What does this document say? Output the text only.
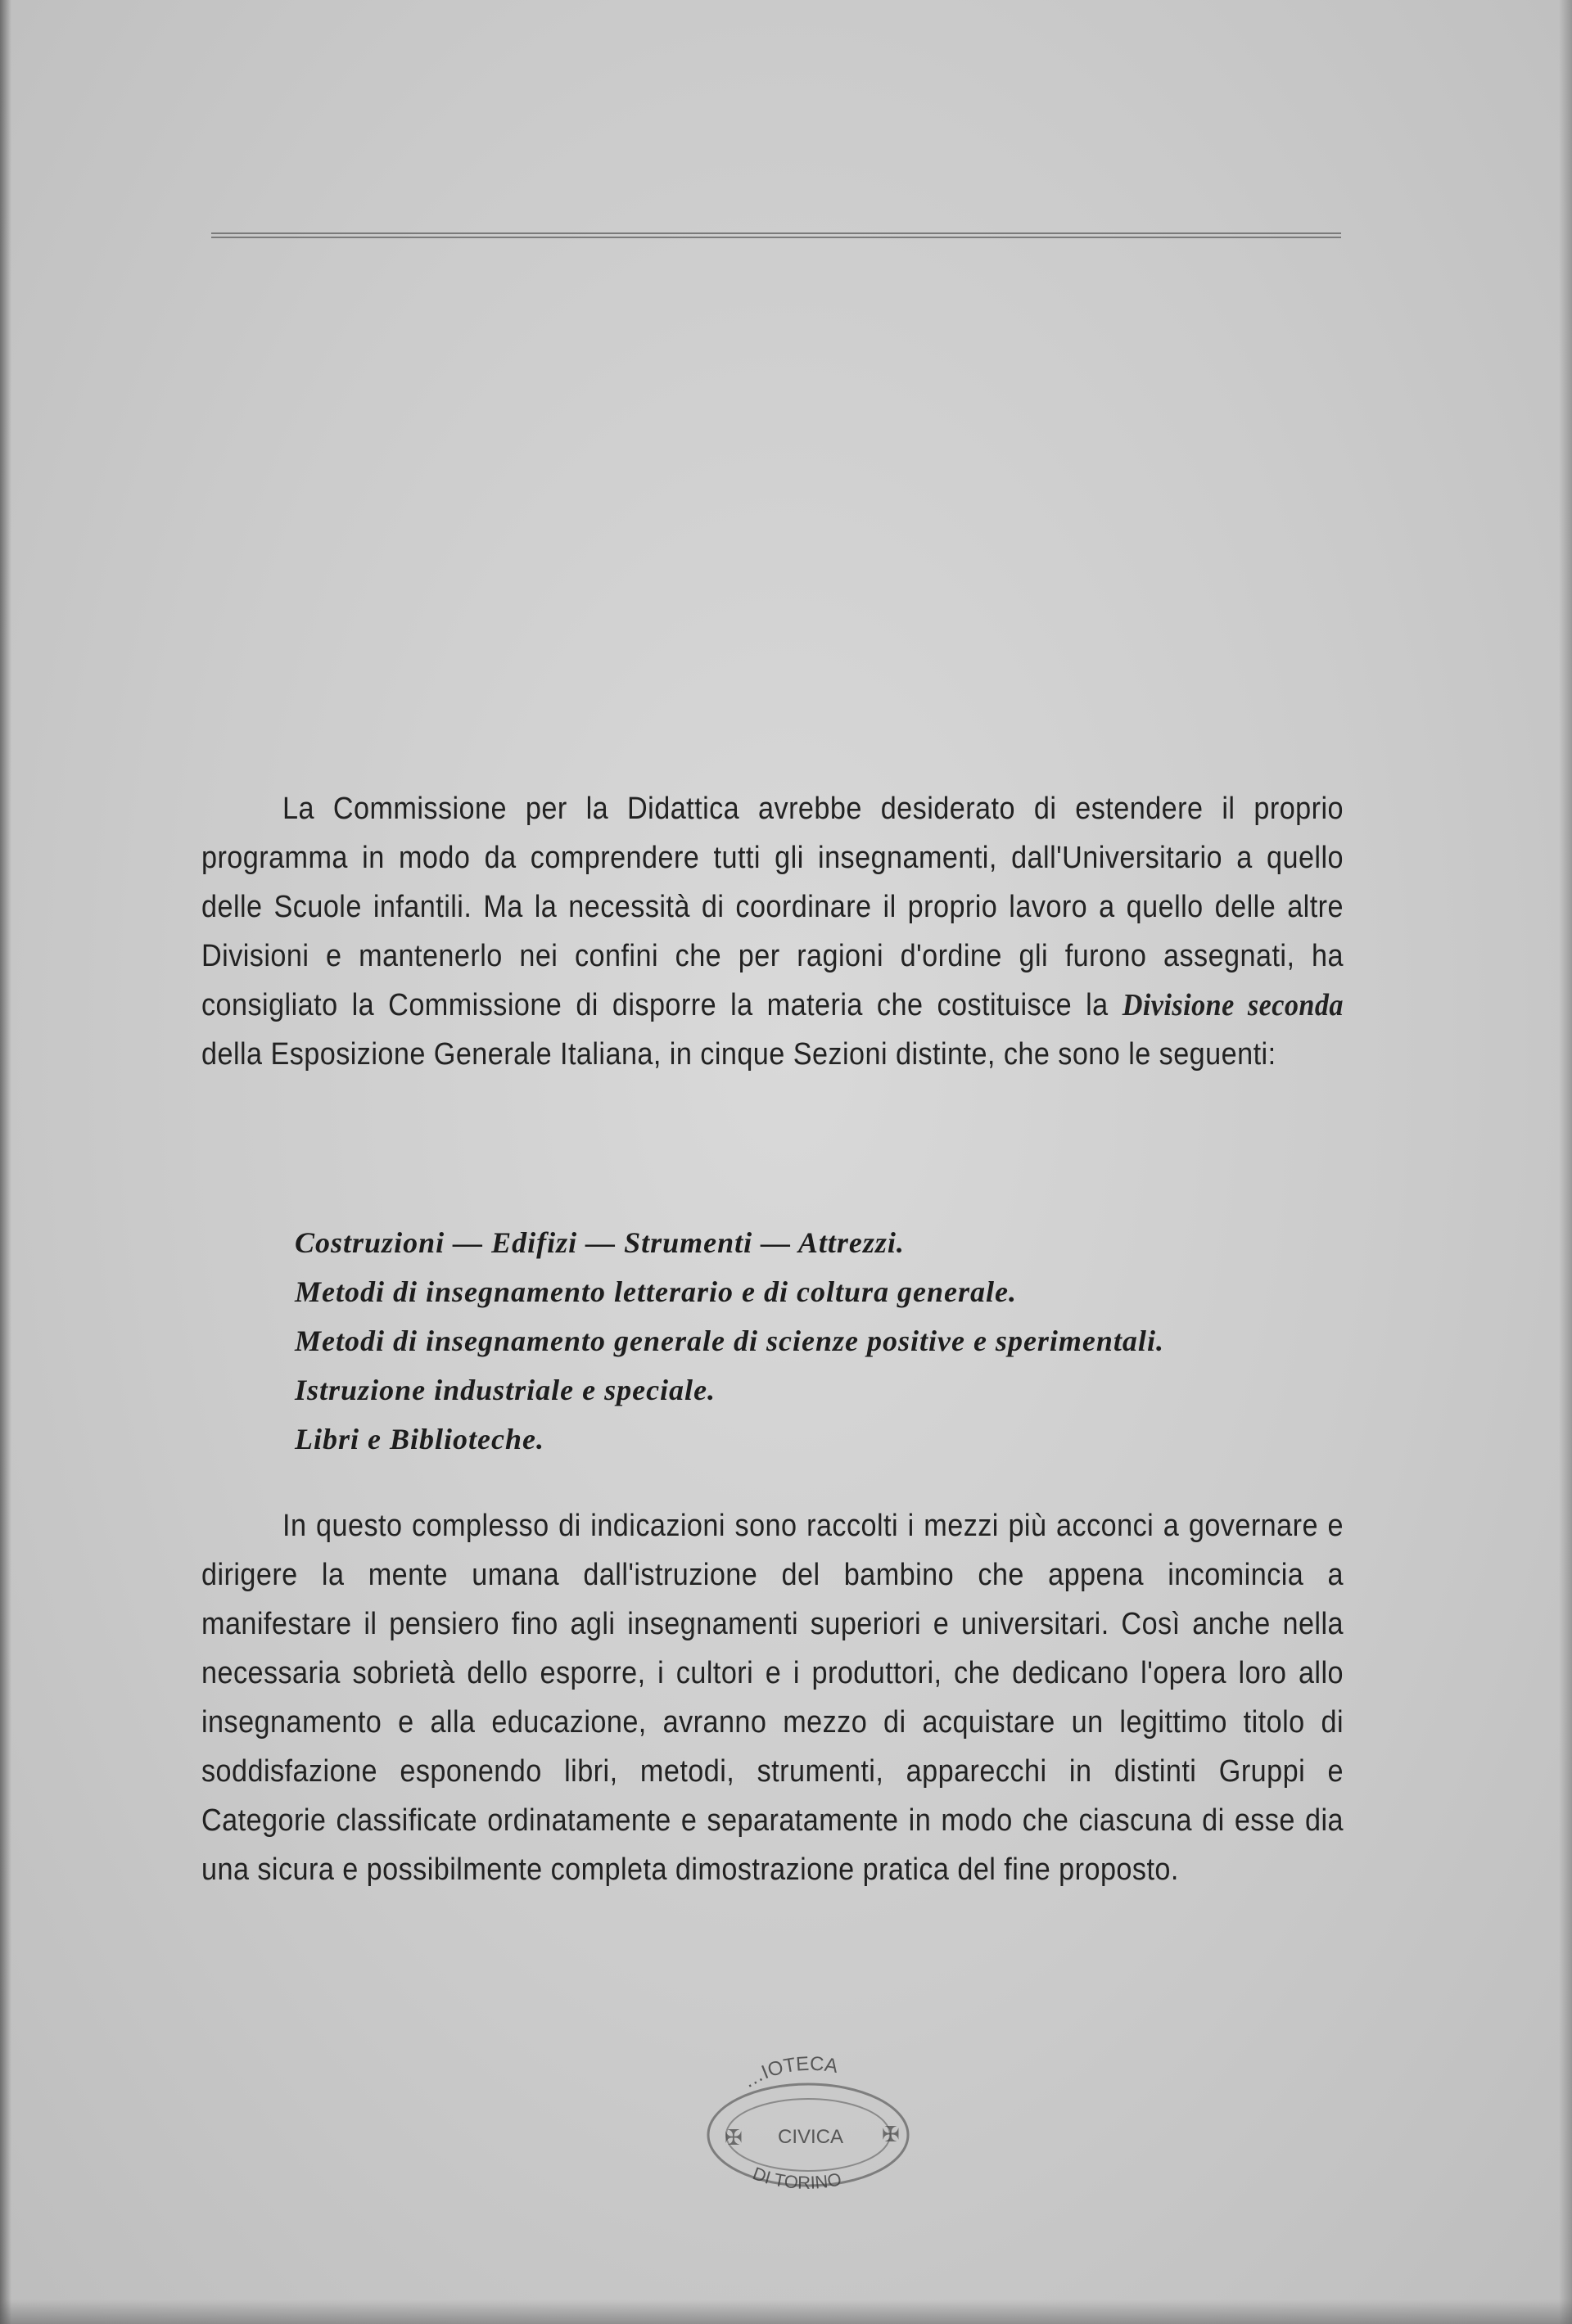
La Commissione per la Didattica avrebbe desiderato di estendere il proprio programma in modo da comprendere tutti gli insegnamenti, dall'Universitario a quello delle Scuole infantili. Ma la necessità di coordinare il proprio lavoro a quello delle altre Divisioni e mantenerlo nei confini che per ragioni d'ordine gli furono assegnati, ha consigliato la Commissione di disporre la materia che costituisce la Divisione seconda della Esposizione Generale Italiana, in cinque Sezioni distinte, che sono le seguenti:

Costruzioni — Edifizi — Strumenti — Attrezzi.
Metodi di insegnamento letterario e di coltura generale.
Metodi di insegnamento generale di scienze positive e sperimentali.
Istruzione industriale e speciale.
Libri e Biblioteche.

In questo complesso di indicazioni sono raccolti i mezzi più acconci a governare e dirigere la mente umana dall'istruzione del bambino che appena incomincia a manifestare il pensiero fino agli insegnamenti superiori e universitari. Così anche nella necessaria sobrietà dello esporre, i cultori e i produttori, che dedicano l'opera loro allo insegnamento e alla educazione, avranno mezzo di acquistare un legittimo titolo di soddisfazione esponendo libri, metodi, strumenti, apparecchi in distinti Gruppi e Categorie classificate ordinatamente e separatamente in modo che ciascuna di esse dia una sicura e possibilmente completa dimostrazione pratica del fine proposto.

…IOTECA
CIVICA
DI TORINO
✠	✠
